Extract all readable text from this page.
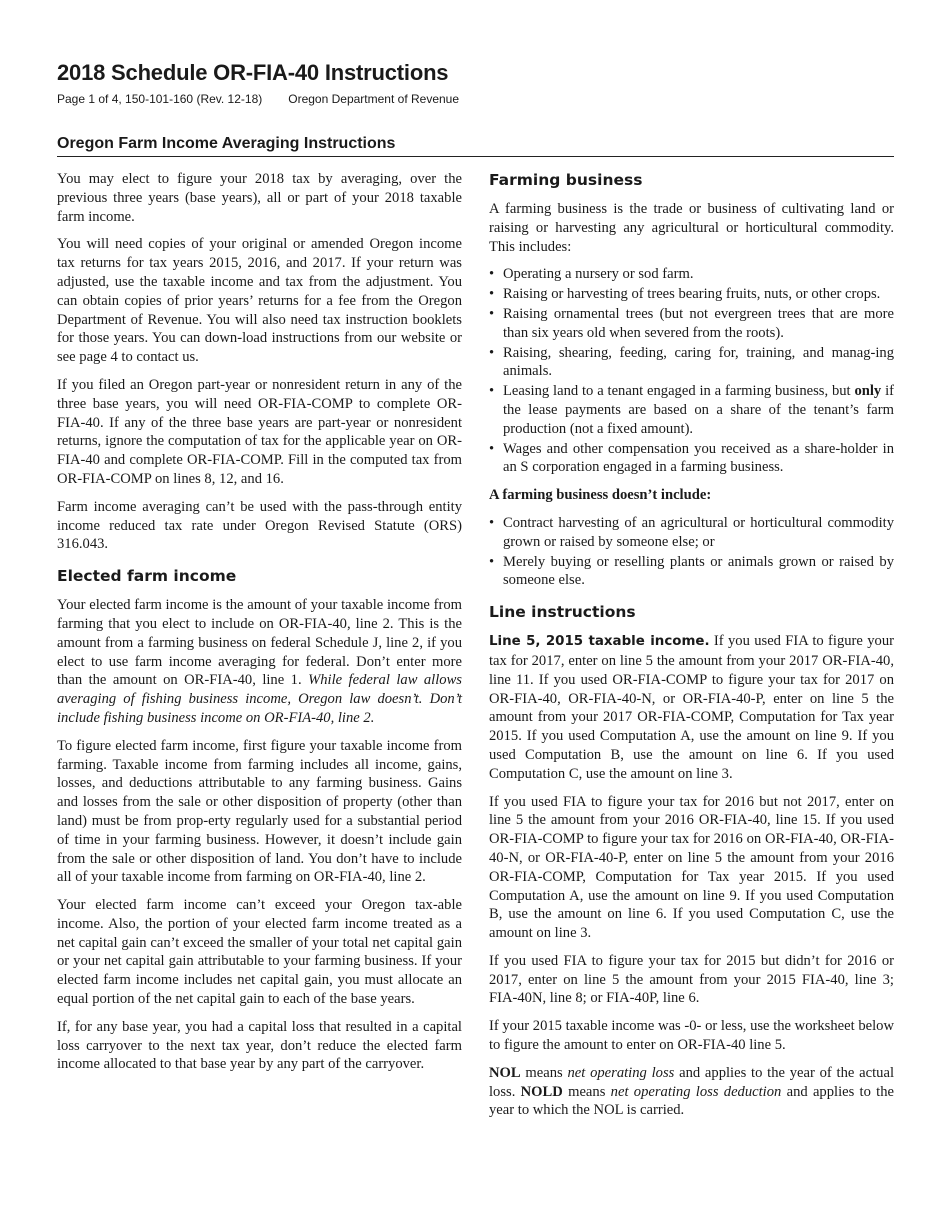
2018 Schedule OR-FIA-40 Instructions
Page 1 of 4, 150-101-160 (Rev. 12-18) Oregon Department of Revenue
Oregon Farm Income Averaging Instructions

You may elect to figure your 2018 tax by averaging, over the previous three years (base years), all or part of your 2018 taxable farm income.

You will need copies of your original or amended Oregon income tax returns for tax years 2015, 2016, and 2017. If your return was adjusted, use the taxable income and tax from the adjustment. You can obtain copies of prior years’ returns for a fee from the Oregon Department of Revenue. You will also need tax instruction booklets for those years. You can down-load instructions from our website or see page 4 to contact us.

If you filed an Oregon part-year or nonresident return in any of the three base years, you will need OR-FIA-COMP to complete OR-FIA-40. If any of the three base years are part-year or nonresident returns, ignore the computation of tax for the applicable year on OR-FIA-40 and complete OR-FIA-COMP. Fill in the computed tax from OR-FIA-COMP on lines 8, 12, and 16.

Farm income averaging can’t be used with the pass-through entity income reduced tax rate under Oregon Revised Statute (ORS) 316.043.

Elected farm income

Your elected farm income is the amount of your taxable income from farming that you elect to include on OR-FIA-40, line 2. This is the amount from a farming business on federal Schedule J, line 2, if you elect to use farm income averaging for federal. Don’t enter more than the amount on OR-FIA-40, line 1. While federal law allows averaging of fishing business income, Oregon law doesn’t. Don’t include fishing business income on OR-FIA-40, line 2.

To figure elected farm income, first figure your taxable income from farming. Taxable income from farming includes all income, gains, losses, and deductions attributable to any farming business. Gains and losses from the sale or other disposition of property (other than land) must be from prop-erty regularly used for a substantial period of time in your farming business. However, it doesn’t include gain from the sale or other disposition of land. You don’t have to include all of your taxable income from farming on OR-FIA-40, line 2.

Your elected farm income can’t exceed your Oregon tax-able income. Also, the portion of your elected farm income treated as a net capital gain can’t exceed the smaller of your total net capital gain or your net capital gain attributable to your farming business. If your elected farm income includes net capital gain, you must allocate an equal portion of the net capital gain to each of the base years.

If, for any base year, you had a capital loss that resulted in a capital loss carryover to the next tax year, don’t reduce the elected farm income allocated to that base year by any part of the carryover.

Farming business

A farming business is the trade or business of cultivating land or raising or harvesting any agricultural or horticultural commodity. This includes:

• Operating a nursery or sod farm.
• Raising or harvesting of trees bearing fruits, nuts, or other crops.
• Raising ornamental trees (but not evergreen trees that are more than six years old when severed from the roots).
• Raising, shearing, feeding, caring for, training, and manag-ing animals.
• Leasing land to a tenant engaged in a farming business, but only if the lease payments are based on a share of the tenant’s farm production (not a fixed amount).
• Wages and other compensation you received as a share-holder in an S corporation engaged in a farming business.

A farming business doesn’t include:

• Contract harvesting of an agricultural or horticultural commodity grown or raised by someone else; or
• Merely buying or reselling plants or animals grown or raised by someone else.
Line instructions

Line 5, 2015 taxable income. If you used FIA to figure your tax for 2017, enter on line 5 the amount from your 2017 OR-FIA-40, line 11. If you used OR-FIA-COMP to figure your tax for 2017 on OR-FIA-40, OR-FIA-40-N, or OR-FIA-40-P, enter on line 5 the amount from your 2017 OR-FIA-COMP, Computation for Tax year 2015. If you used Computation A, use the amount on line 9. If you used Computation B, use the amount on line 6. If you used Computation C, use the amount on line 3.

If you used FIA to figure your tax for 2016 but not 2017, enter on line 5 the amount from your 2016 OR-FIA-40, line 15. If you used OR-FIA-COMP to figure your tax for 2016 on OR-FIA-40, OR-FIA-40-N, or OR-FIA-40-P, enter on line 5 the amount from your 2016 OR-FIA-COMP, Computation for Tax year 2015. If you used Computation A, use the amount on line 9. If you used Computation B, use the amount on line 6. If you used Computation C, use the amount on line 3.

If you used FIA to figure your tax for 2015 but didn’t for 2016 or 2017, enter on line 5 the amount from your 2015 FIA-40, line 3; FIA-40N, line 8; or FIA-40P, line 6.

If your 2015 taxable income was -0- or less, use the worksheet below to figure the amount to enter on OR-FIA-40 line 5.

NOL means net operating loss and applies to the year of the actual loss. NOLD means net operating loss deduction and applies to the year to which the NOL is carried.
